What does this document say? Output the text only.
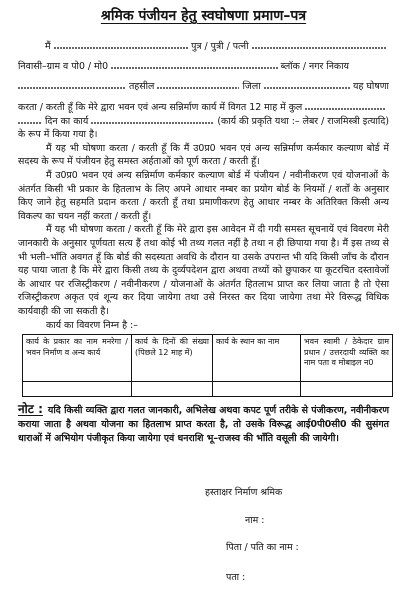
श्रमिक पंजीयन हेतु स्वघोषणा प्रमाण–पत्र
मैं	पुत्र / पुत्री / पत्नी
निवासी–ग्राम व पो0 / मो0	ब्लॉक / नगर निकाय
तहसील	जिला	यह घोषणा
करता / करती हूँ कि मेरे द्वारा भवन एवं अन्य सन्निर्माण कार्य में विगत 12 माह में कुल
दिन का कार्य	(कार्य की प्रकृति यथा :– लेबर / राजमिस्त्री इत्यादि)
के रूप में किया गया है।

मैं यह भी घोषणा करता / करती हूँ कि मैं उ0प्र0 भवन एवं अन्य सन्निर्माण कर्मकार कल्याण बोर्ड में सदस्य के रूप में पंजीयन हेतु समस्त अर्हताओं को पूर्ण करता / करती हूँ।

मैं उ0प्र0 भवन एवं अन्य सन्निर्माण कर्मकार कल्याण बोर्ड में पंजीयन / नवीनीकरण एवं योजनाओं के अंतर्गत किसी भी प्रकार के हितलाभ के लिए अपने आधार नम्बर का प्रयोग बोर्ड के नियमों / शर्तों के अनुसार किए जाने हेतु सहमति प्रदान करता / करती हूँ तथा प्रमाणीकरण हेतु आधार नम्बर के अतिरिक्त किसी अन्य विकल्प का चयन नहीं करता / करती हूँ।

मैं यह भी घोषणा करता / करती हूँ कि मेरे द्वारा इस आवेदन में दी गयी समस्त सूचनायें एवं विवरण मेरी जानकारी के अनुसार पूर्णयता सत्य हैं तथा कोई भी तथ्य गलत नहीं है तथा न ही छिपाया गया है। मैं इस तथ्य से भी भली–भाँति अवगत हूँ कि बोर्ड की सदस्यता अवधि के दौरान या उसके उपरान्त भी यदि किसी जाँच के दौरान यह पाया जाता है कि मेरे द्वारा किसी तथ्य के दुर्व्यपदेशन द्वारा अथवा तथ्यों को छुपाकर या कूटरचित दस्तावेजों के आधार पर रजिस्ट्रीकरण / नवीनीकरण / योजनाओं के अंतर्गत हितलाभ प्राप्त कर लिया जाता है तो ऐसा रजिस्ट्रीकरण अकृत एवं शून्य कर दिया जायेगा तथा उसे निरस्त कर दिया जायेगा तथा मेरे विरूद्ध विधिक कार्यवाही की जा सकती है।

कार्य का विवरण निम्न है :–
कार्य के प्रकार का नाम मनरेगा / भवन निर्माण व अन्य कार्य	कार्य के दिनों की संख्या (पिछले 12 माह में)	कार्य के स्थान का नाम	भवन स्वामी / ठेकेदार ग्राम प्रधान / उत्तरदायी व्यक्ति का नाम पता व मोबाइल न0

नोट : यदि किसी व्यक्ति द्वारा गलत जानकारी, अभिलेख अथवा कपट पूर्ण तरीके से पंजीकरण, नवीनीकरण कराया जाता है अथवा योजना का हितलाभ प्राप्त करता है, तो उसके विरूद्ध आई0पी0सी0 की सुसंगत धाराओं में अभियोग पंजीकृत किया जायेगा एवं धनराशि भू–राजस्व की भाँति वसूली की जायेगी।
हस्ताक्षर निर्माण श्रमिक
नाम :
पिता / पति का नाम :
पता :
